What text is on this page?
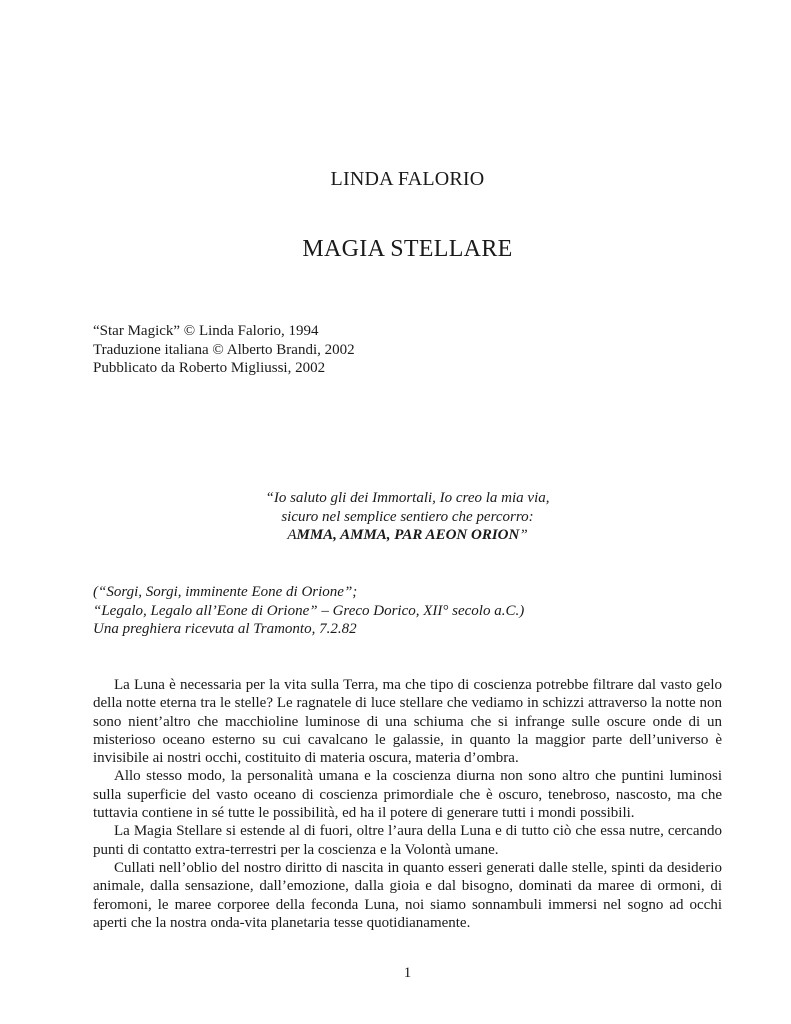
LINDA FALORIO
MAGIA STELLARE
“Star Magick” © Linda Falorio, 1994
Traduzione italiana © Alberto Brandi, 2002
Pubblicato da Roberto Migliussi, 2002
“Io saluto gli dei Immortali, Io creo la mia via,
sicuro nel semplice sentiero che percorro:
AMMA, AMMA, PAR AEON ORION”
(“Sorgi, Sorgi, imminente Eone di Orione”;
“Legalo, Legalo all’Eone di Orione” – Greco Dorico, XII° secolo a.C.)
Una preghiera ricevuta al Tramonto, 7.2.82

La Luna è necessaria per la vita sulla Terra, ma che tipo di coscienza potrebbe filtrare dal vasto gelo della notte eterna tra le stelle? Le ragnatele di luce stellare che vediamo in schizzi attraverso la notte non sono nient’altro che macchioline luminose di una schiuma che si infrange sulle oscure onde di un misterioso oceano esterno su cui cavalcano le galassie, in quanto la maggior parte dell’universo è invisibile ai nostri occhi, costituito di materia oscura, materia d’ombra.

Allo stesso modo, la personalità umana e la coscienza diurna non sono altro che puntini luminosi sulla superficie del vasto oceano di coscienza primordiale che è oscuro, tenebroso, nascosto, ma che tuttavia contiene in sé tutte le possibilità, ed ha il potere di generare tutti i mondi possibili.

La Magia Stellare si estende al di fuori, oltre l’aura della Luna e di tutto ciò che essa nutre, cercando punti di contatto extra-terrestri per la coscienza e la Volontà umane.

Cullati nell’oblio del nostro diritto di nascita in quanto esseri generati dalle stelle, spinti da desiderio animale, dalla sensazione, dall’emozione, dalla gioia e dal bisogno, dominati da maree di ormoni, di feromoni, le maree corporee della feconda Luna, noi siamo sonnambuli immersi nel sogno ad occhi aperti che la nostra onda-vita planetaria tesse quotidianamente.

1
